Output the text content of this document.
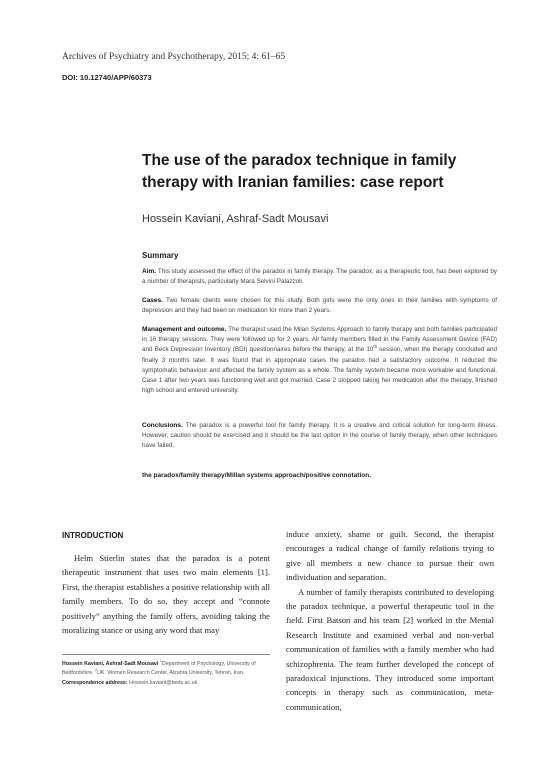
Archives of Psychiatry and Psychotherapy, 2015; 4: 61–65
DOI: 10.12740/APP/60373
The use of the paradox technique in family therapy with Iranian families: case report
Hossein Kaviani, Ashraf-Sadt Mousavi
Summary
Aim. This study assessed the effect of the paradox in family therapy. The paradox, as a therapeutic tool, has been explored by a number of therapists, particularly Mara Selvini Palazzoli.
Cases. Two female clients were chosen for this study. Both girls were the only ones in their families with symptoms of depression and they had been on medication for more than 2 years.
Management and outcome. The therapist used the Milan Systems Approach to family therapy and both families participated in 16 therapy sessions. They were followed up for 2 years. All family members filled in the Family Assessment Device (FAD) and Beck Depression Inventory (BDI) questionnaires before the therapy, at the 10th session, when the therapy concluded and finally 3 months later. It was found that in appropriate cases the paradox had a satisfactory outcome. It reduced the symptomatic behaviour and affected the family system as a whole. The family system became more workable and functional. Case 1 after two years was functioning well and got married. Case 2 stopped taking her medication after the therapy, finished high school and entered university.
Conclusions. The paradox is a powerful tool for family therapy. It is a creative and critical solution for long-term illness. However, caution should be exercised and it should be the last option in the course of family therapy, when other techniques have failed.
the paradox/family therapy/Millan systems approach/positive connotation.
INTRODUCTION

Helm Stierlin states that the paradox is a potent therapeutic instrument that uses two main elements [1]. First, the therapist establishes a positive relationship with all family members. To do so, they accept and “connote positively” anything the family offers, avoiding taking the moralizing stance or using any word that may

induce anxiety, shame or guilt. Second, the therapist encourages a radical change of family relations trying to give all members a new chance to pursue their own individuation and separation.

A number of family therapists contributed to developing the paradox technique, a powerful therapeutic tool in the field. First Batson and his team [2] worked in the Mental Research Institute and examined verbal and non-verbal communication of families with a family member who had schizophrenia. The team further developed the concept of paradoxical injunctions. They introduced some important concepts in therapy such as communication, meta-communication,

Hossein Kaviani, Ashraf-Sadt Mousavi $^1$Department of Psychology, University of Bedfordshire, $^2$UK. Women Research Center, Alzahra University, Tehran, Iran.
Correspondence address: Hossein.kaviani@beds.ac.uk
